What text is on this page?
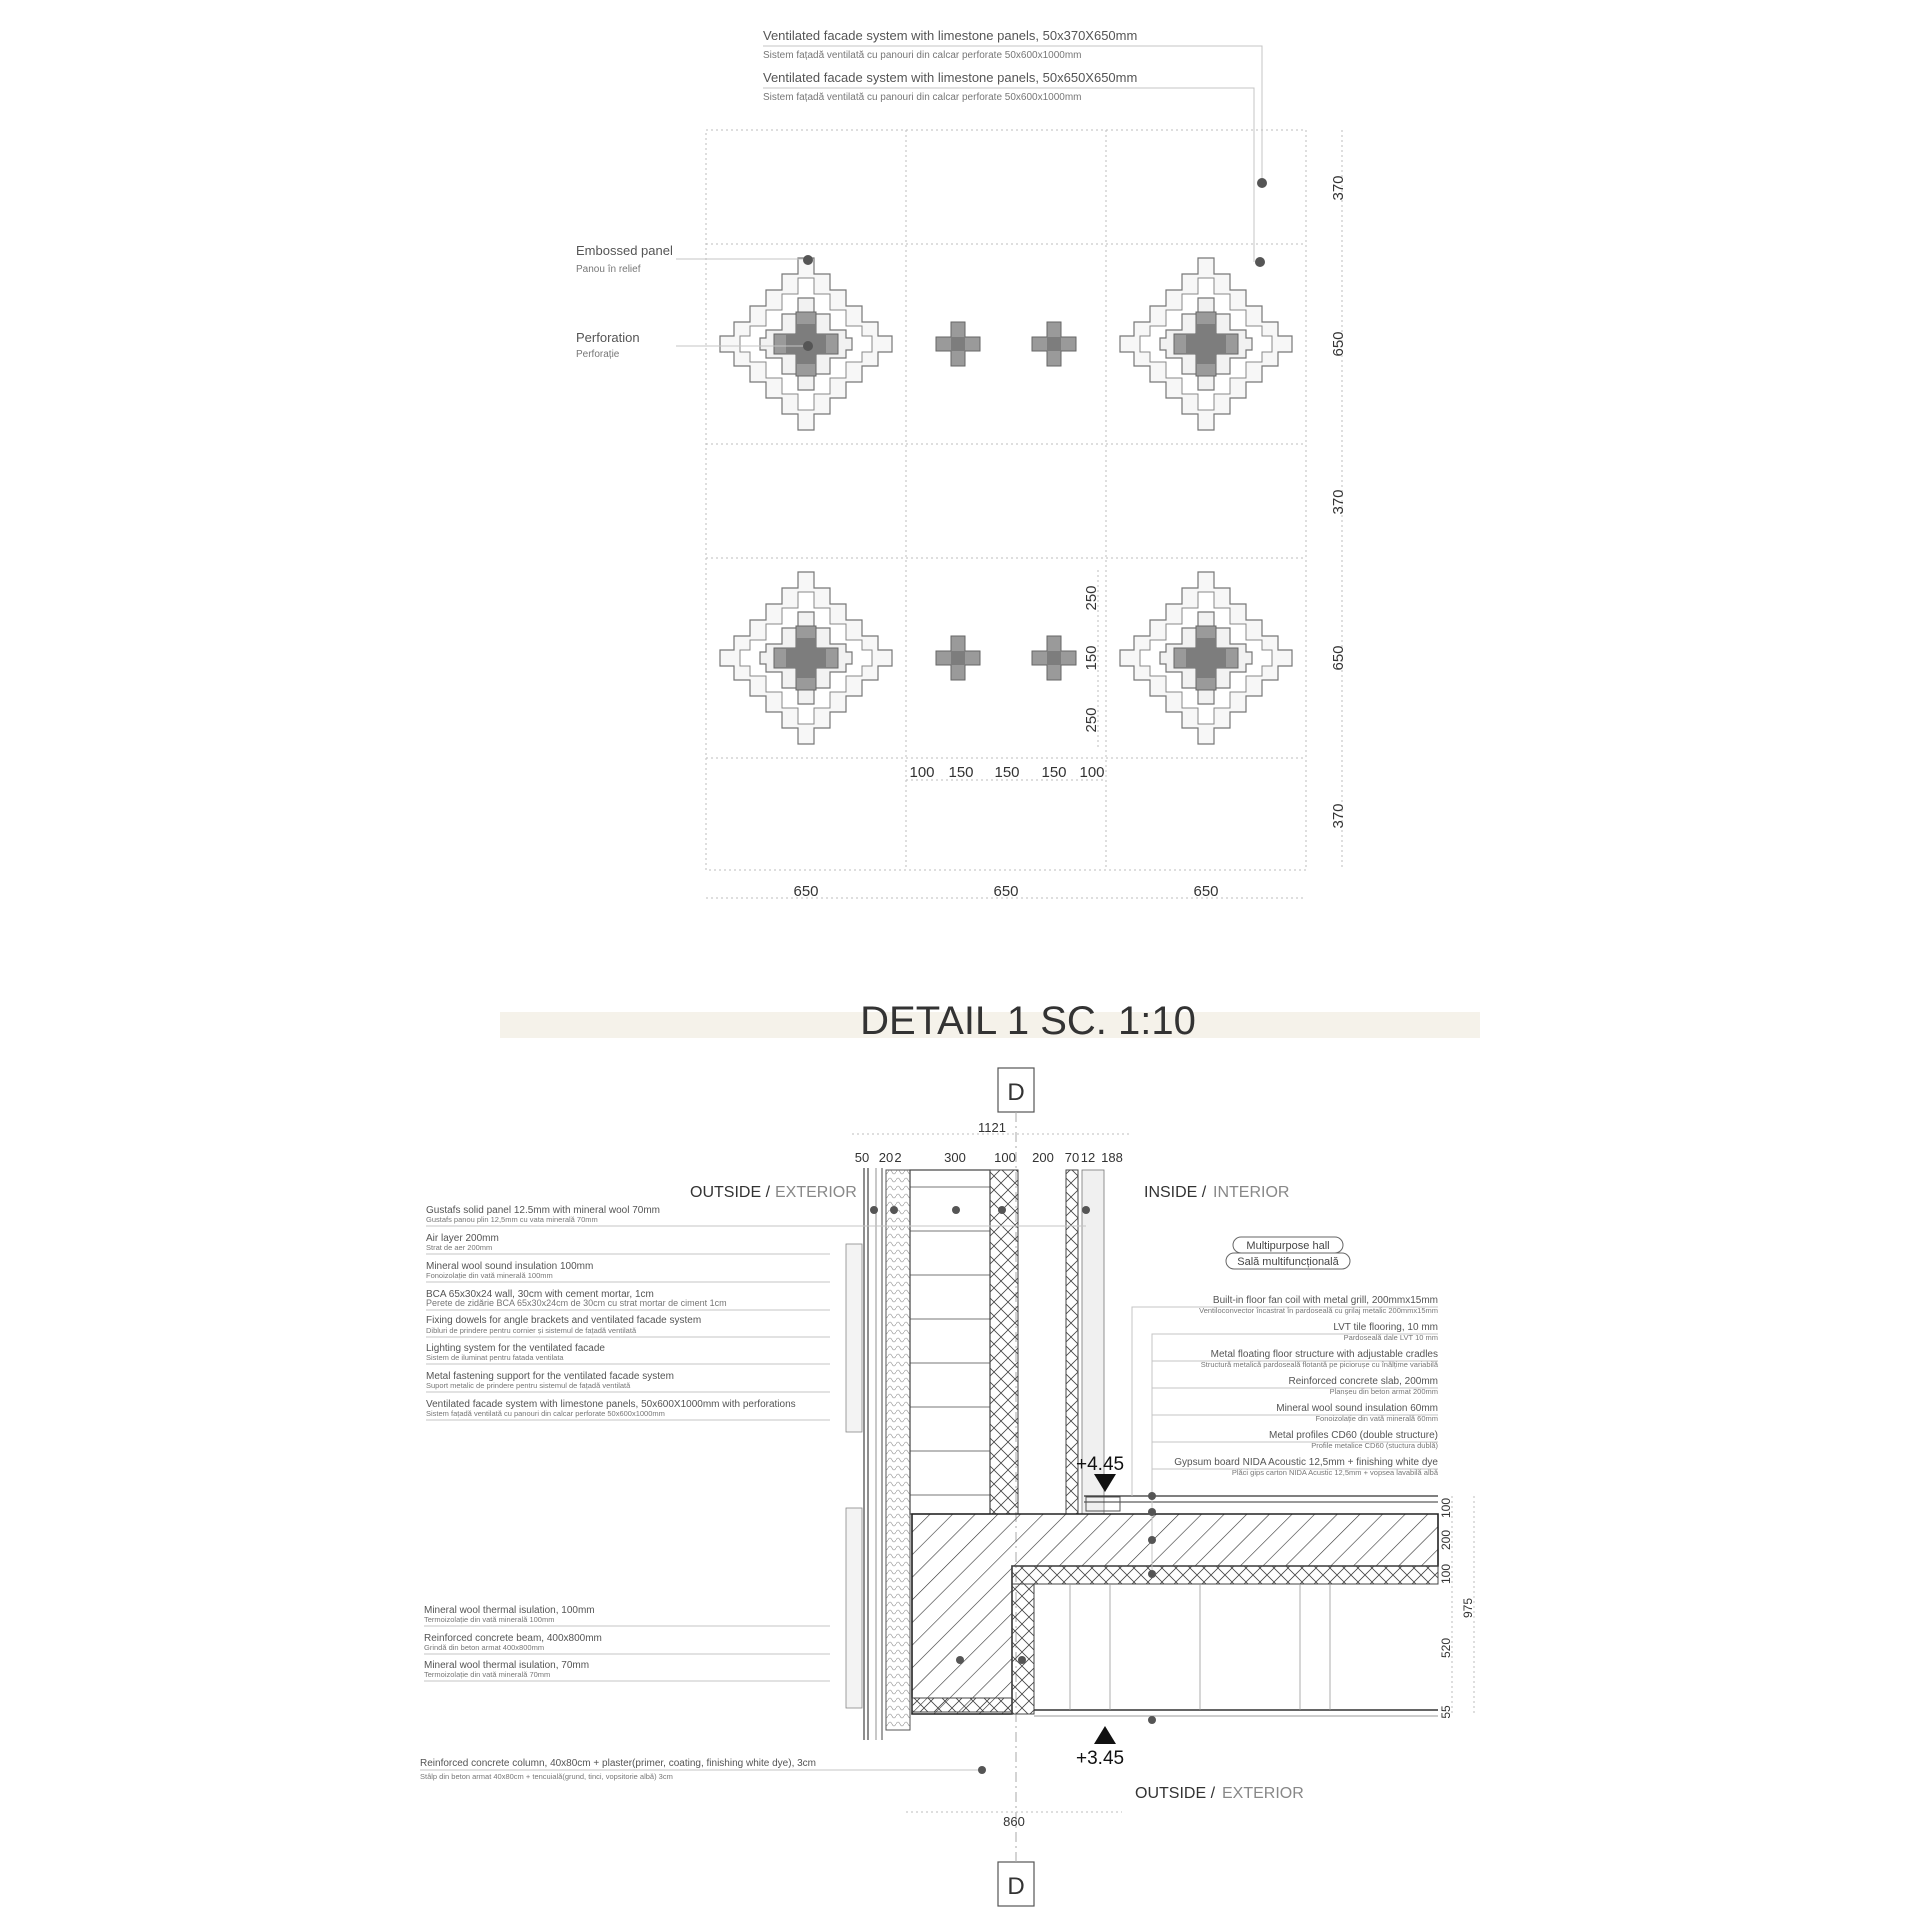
Ventilated facade system with limestone panels, 50x370X650mm
Sistem fațadă ventilată cu panouri din calcar perforate 50x600x1000mm
Ventilated facade system with limestone panels, 50x650X650mm
Sistem fațadă ventilată cu panouri din calcar perforate 50x600x1000mm
Embossed panel
Panou în relief
Perforation
Perforație
370
650
370
650
370
650	650	650
100 150 150 150 100
250
150
250
DETAIL 1 SC. 1:10
D
D
1121
50 20 2	300 100 200 70 12 188
OUTSIDE / EXTERIOR	INSIDE / INTERIOR
OUTSIDE / EXTERIOR
Multipurpose hall
Sală multifuncțională
+4.45
+3.45
100
200
100
520
55
975
860
Gustafs solid panel 12.5mm with mineral wool 70mm
Gustafs panou plin 12,5mm cu vata minerală 70mm
Air layer 200mm
Strat de aer 200mm
Mineral wool sound insulation 100mm
Fonoizolație din vată minerală 100mm
BCA 65x30x24 wall, 30cm with cement mortar, 1cm
Perete de zidărie BCA 65x30x24cm de 30cm cu strat mortar de ciment 1cm
Fixing dowels for angle brackets and ventilated facade system
Dibluri de prindere pentru cornier și sistemul de fațadă ventilată
Lighting system for the ventilated facade
Sistem de iluminat pentru fatada ventilata
Metal fastening support for the ventilated facade system
Suport metalic de prindere pentru sistemul de fațadă ventilată
Ventilated facade system with limestone panels, 50x600X1000mm with perforations
Sistem fațadă ventilată cu panouri din calcar perforate 50x600x1000mm
Mineral wool thermal isulation, 100mm
Termoizolație din vată minerală 100mm
Reinforced concrete beam, 400x800mm
Grindă din beton armat 400x800mm
Mineral wool thermal isulation, 70mm
Termoizolație din vată minerală 70mm
Reinforced concrete column, 40x80cm + plaster(primer, coating, finishing white dye), 3cm
Stâlp din beton armat 40x80cm + tencuială(grund, tinci, vopsitorie albă) 3cm
Built-in floor fan coil with metal grill, 200mmx15mm
Ventiloconvector încastrat în pardoseală cu grilaj metalic 200mmx15mm
LVT tile flooring, 10 mm
Pardoseală dale LVT 10 mm
Metal floating floor structure with adjustable cradles
Structură metalică pardoseală flotantă pe piciorușe cu înălțime variabilă
Reinforced concrete slab, 200mm
Planșeu din beton armat 200mm
Mineral wool sound insulation 60mm
Fonoizolație din vată minerală 60mm
Metal profiles CD60 (double structure)
Profile metalice CD60 (stuctura dublă)
Gypsum board NIDA Acoustic 12,5mm + finishing white dye
Plăci gips carton NIDA Acustic 12,5mm + vopsea lavabilă albă
